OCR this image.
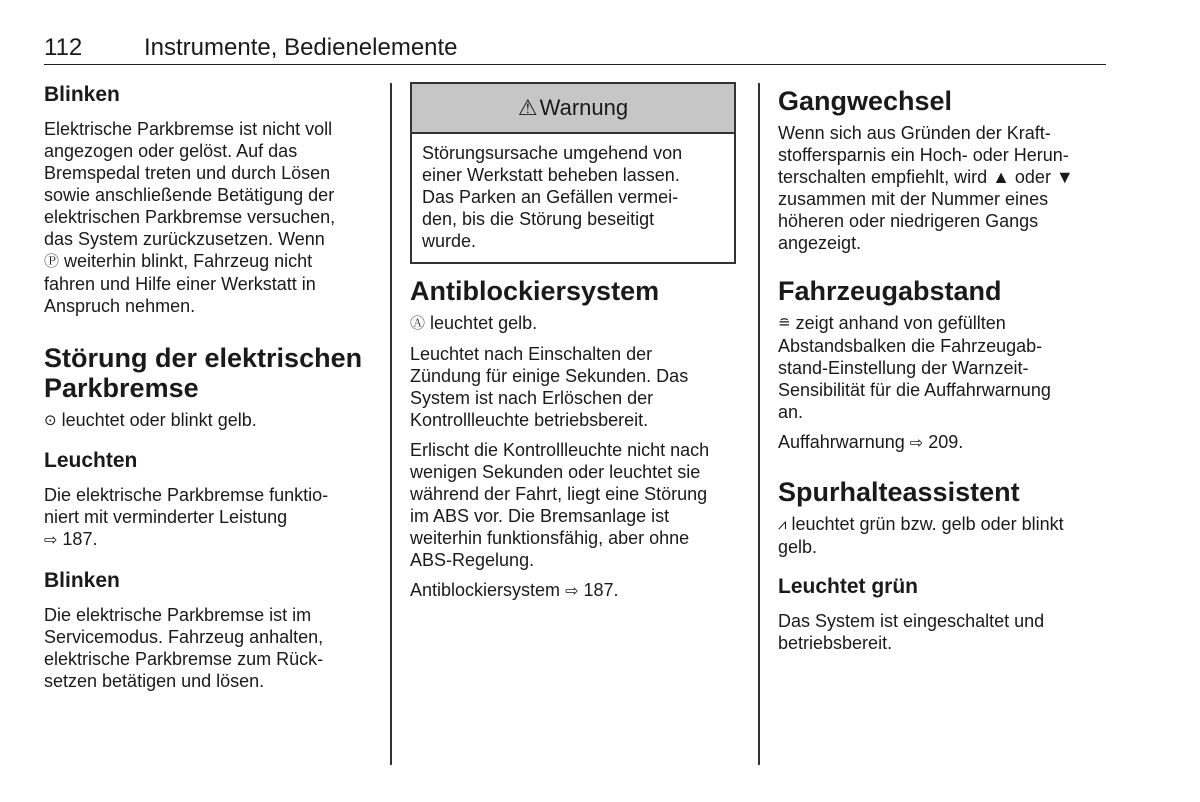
112	Instrumente, Bedienelemente
Blinken

Elektrische Parkbremse ist nicht voll
angezogen oder gelöst. Auf das
Bremspedal treten und durch Lösen
sowie anschließende Betätigung der
elektrischen Parkbremse versuchen,
das System zurückzusetzen. Wenn
Ⓟ weiterhin blinkt, Fahrzeug nicht
fahren und Hilfe einer Werkstatt in
Anspruch nehmen.

Störung der elektrischen
Parkbremse

⊙ leuchtet oder blinkt gelb.

Leuchten

Die elektrische Parkbremse funktio-
niert mit verminderter Leistung
⇨ 187.

Blinken

Die elektrische Parkbremse ist im
Servicemodus. Fahrzeug anhalten,
elektrische Parkbremse zum Rück-
setzen betätigen und lösen.

⚠ Warnung

Störungsursache umgehend von
einer Werkstatt beheben lassen.
Das Parken an Gefällen vermei-
den, bis die Störung beseitigt
wurde.

Antiblockiersystem

Ⓐ leuchtet gelb.

Leuchtet nach Einschalten der
Zündung für einige Sekunden. Das
System ist nach Erlöschen der
Kontrollleuchte betriebsbereit.

Erlischt die Kontrollleuchte nicht nach
wenigen Sekunden oder leuchtet sie
während der Fahrt, liegt eine Störung
im ABS vor. Die Bremsanlage ist
weiterhin funktionsfähig, aber ohne
ABS-Regelung.

Antiblockiersystem ⇨ 187.

Gangwechsel

Wenn sich aus Gründen der Kraft-
stoffersparnis ein Hoch- oder Herun-
terschalten empfiehlt, wird ▲ oder ▼
zusammen mit der Nummer eines
höheren oder niedrigeren Gangs
angezeigt.

Fahrzeugabstand

≘ zeigt anhand von gefüllten
Abstandsbalken die Fahrzeugab-
stand-Einstellung der Warnzeit-
Sensibilität für die Auffahrwarnung
an.

Auffahrwarnung ⇨ 209.

Spurhalteassistent

⩘ leuchtet grün bzw. gelb oder blinkt
gelb.

Leuchtet grün

Das System ist eingeschaltet und
betriebsbereit.
